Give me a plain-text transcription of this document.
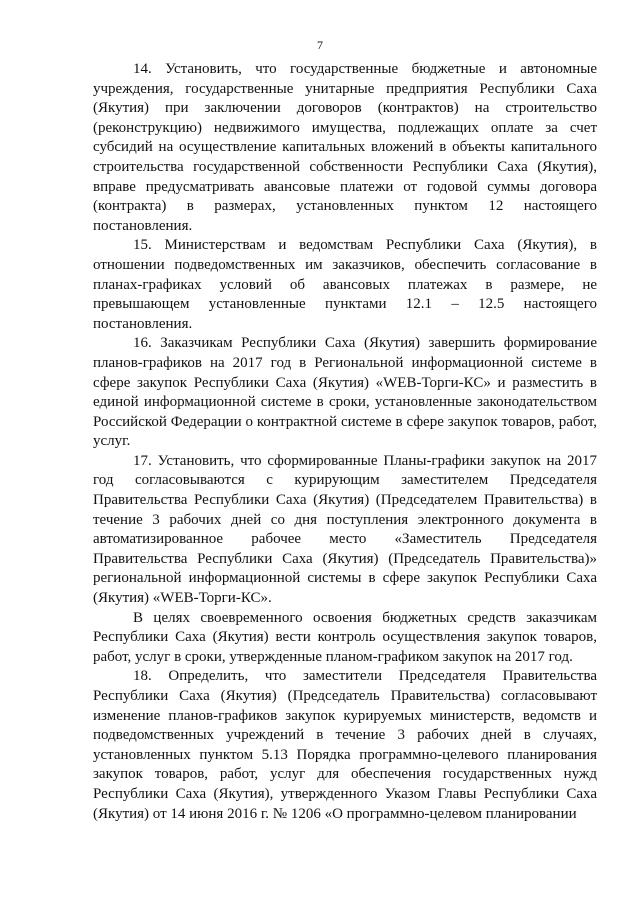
7

14. Установить, что государственные бюджетные и автономные учреждения, государственные унитарные предприятия Республики Саха (Якутия) при заключении договоров (контрактов) на строительство (реконструкцию) недвижимого имущества, подлежащих оплате за счет субсидий на осуществление капитальных вложений в объекты капитального строительства государственной собственности Республики Саха (Якутия), вправе предусматривать авансовые платежи от годовой суммы договора (контракта) в размерах, установленных пунктом 12 настоящего постановления.

15. Министерствам и ведомствам Республики Саха (Якутия), в отношении подведомственных им заказчиков, обеспечить согласование в планах-графиках условий об авансовых платежах в размере, не превышающем установленные пунктами 12.1 – 12.5 настоящего постановления.

16. Заказчикам Республики Саха (Якутия) завершить формирование планов-графиков на 2017 год в Региональной информационной системе в сфере закупок Республики Саха (Якутия) «WEB-Торги-КС» и разместить в единой информационной системе в сроки, установленные законодательством Российской Федерации о контрактной системе в сфере закупок товаров, работ, услуг.

17. Установить, что сформированные Планы-графики закупок на 2017 год согласовываются с курирующим заместителем Председателя Правительства Республики Саха (Якутия) (Председателем Правительства) в течение 3 рабочих дней со дня поступления электронного документа в автоматизированное рабочее место «Заместитель Председателя Правительства Республики Саха (Якутия) (Председатель Правительства)» региональной информационной системы в сфере закупок Республики Саха (Якутия) «WEB-Торги-КС».

В целях своевременного освоения бюджетных средств заказчикам Республики Саха (Якутия) вести контроль осуществления закупок товаров, работ, услуг в сроки, утвержденные планом-графиком закупок на 2017 год.

18. Определить, что заместители Председателя Правительства Республики Саха (Якутия) (Председатель Правительства) согласовывают изменение планов-графиков закупок курируемых министерств, ведомств и подведомственных учреждений в течение 3 рабочих дней в случаях, установленных пунктом 5.13 Порядка программно-целевого планирования закупок товаров, работ, услуг для обеспечения государственных нужд Республики Саха (Якутия), утвержденного Указом Главы Республики Саха (Якутия) от 14 июня 2016 г. № 1206 «О программно-целевом планировании
